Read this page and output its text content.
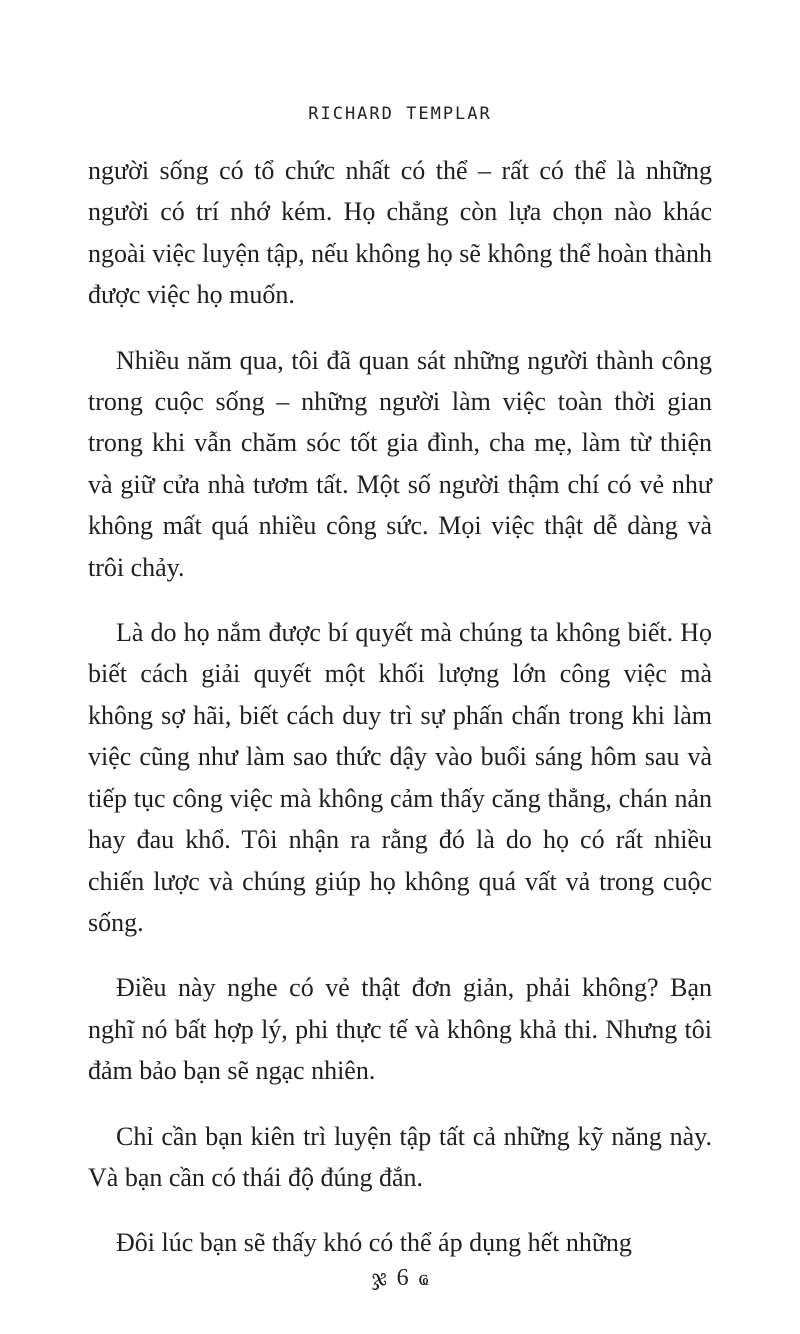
RICHARD TEMPLAR

người sống có tổ chức nhất có thể – rất có thể là những người có trí nhớ kém. Họ chẳng còn lựa chọn nào khác ngoài việc luyện tập, nếu không họ sẽ không thể hoàn thành được việc họ muốn.

Nhiều năm qua, tôi đã quan sát những người thành công trong cuộc sống – những người làm việc toàn thời gian trong khi vẫn chăm sóc tốt gia đình, cha mẹ, làm từ thiện và giữ cửa nhà tươm tất. Một số người thậm chí có vẻ như không mất quá nhiều công sức. Mọi việc thật dễ dàng và trôi chảy.

Là do họ nắm được bí quyết mà chúng ta không biết. Họ biết cách giải quyết một khối lượng lớn công việc mà không sợ hãi, biết cách duy trì sự phấn chấn trong khi làm việc cũng như làm sao thức dậy vào buổi sáng hôm sau và tiếp tục công việc mà không cảm thấy căng thẳng, chán nản hay đau khổ. Tôi nhận ra rằng đó là do họ có rất nhiều chiến lược và chúng giúp họ không quá vất vả trong cuộc sống.

Điều này nghe có vẻ thật đơn giản, phải không? Bạn nghĩ nó bất hợp lý, phi thực tế và không khả thi. Nhưng tôi đảm bảo bạn sẽ ngạc nhiên.

Chỉ cần bạn kiên trì luyện tập tất cả những kỹ năng này. Và bạn cần có thái độ đúng đắn.

Đôi lúc bạn sẽ thấy khó có thể áp dụng hết những

ჯ 6 ҩ
